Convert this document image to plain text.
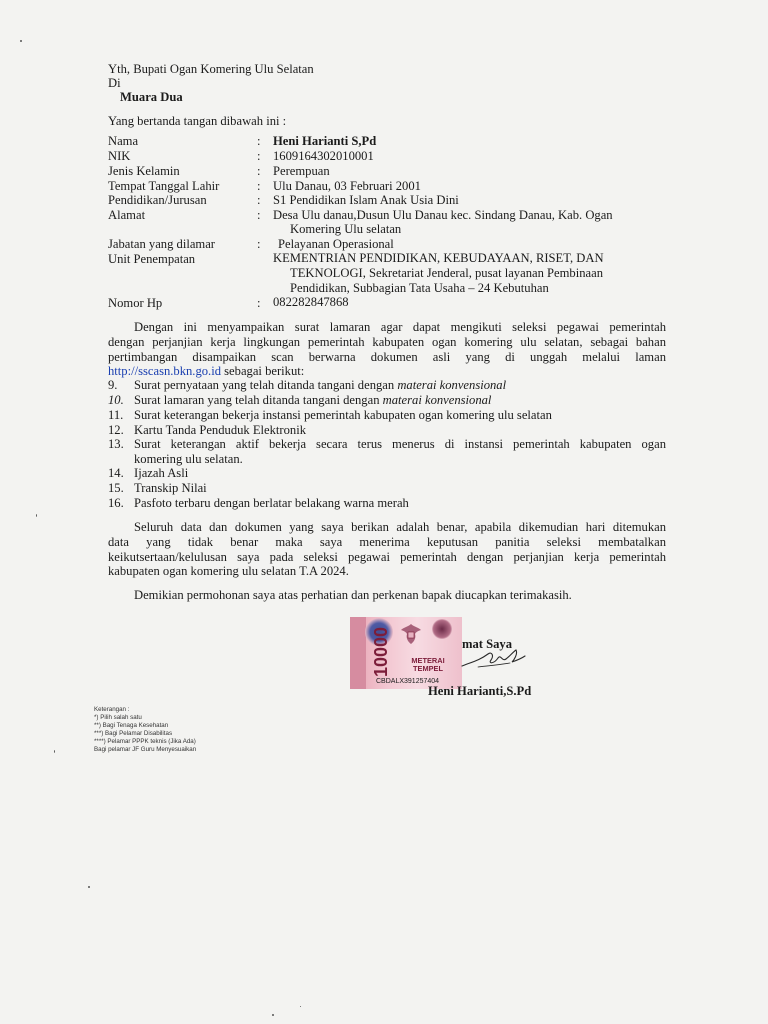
Yth, Bupati Ogan Komering Ulu Selatan
Di
Muara Dua
Yang bertanda tangan dibawah ini :
Nama	: Heni Harianti S,Pd
NIK	: 1609164302010001
Jenis Kelamin	: Perempuan
Tempat Tanggal Lahir	: Ulu Danau, 03 Februari 2001
Pendidikan/Jurusan	: S1 Pendidikan Islam Anak Usia Dini
Alamat	: Desa Ulu danau,Dusun Ulu Danau kec. Sindang Danau, Kab. Ogan
Komering Ulu selatan
Jabatan yang dilamar	: Pelayanan Operasional
Unit Penempatan	KEMENTRIAN PENDIDIKAN, KEBUDAYAAN, RISET, DAN
TEKNOLOGI, Sekretariat Jenderal, pusat layanan Pembinaan
Pendidikan, Subbagian Tata Usaha – 24 Kebutuhan
Nomor Hp	: 082282847868
Dengan ini menyampaikan surat lamaran agar dapat mengikuti seleksi pegawai pemerintah
dengan perjanjian kerja lingkungan pemerintah kabupaten ogan komering ulu selatan, sebagai bahan
pertimbangan disampaikan scan berwarna dokumen asli yang di unggah melalui laman
http://sscasn.bkn.go.id sebagai berikut:
9. Surat pernyataan yang telah ditanda tangani dengan materai konvensional
10. Surat lamaran yang telah ditanda tangani dengan materai konvensional
11. Surat keterangan bekerja instansi pemerintah kabupaten ogan komering ulu selatan
12. Kartu Tanda Penduduk Elektronik
13. Surat keterangan aktif bekerja secara terus menerus di instansi pemerintah kabupaten ogan
komering ulu selatan.
14. Ijazah Asli
15. Transkip Nilai
16. Pasfoto terbaru dengan berlatar belakang warna merah
Seluruh data dan dokumen yang saya berikan adalah benar, apabila dikemudian hari ditemukan
data yang tidak benar maka saya menerima keputusan panitia seleksi membatalkan
keikutsertaan/kelulusan saya pada seleksi pegawai pemerintah dengan perjanjian kerja pemerintah
kabupaten ogan komering ulu selatan T.A 2024.
Demikian permohonan saya atas perhatian dan perkenan bapak diucapkan terimakasih.
mat Saya
10000	METERAI
TEMPEL
CBDALX391257404
Heni Harianti,S.Pd
Keterangan :
*) Pilih salah satu
**) Bagi Tenaga Kesehatan
***) Bagi Pelamar Disabilitas
****) Pelamar PPPK teknis (Jika Ada)
Bagi pelamar JF Guru Menyesuaikan
